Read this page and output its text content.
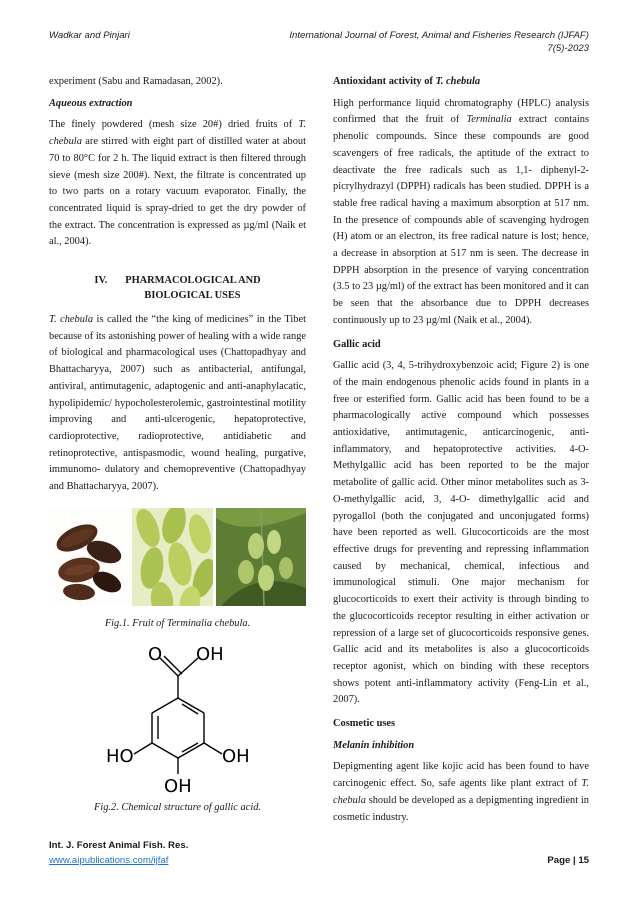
Wadkar and Pinjari	International Journal of Forest, Animal and Fisheries Research (IJFAF)
7(5)-2023

experiment (Sabu and Ramadasan, 2002).

Aqueous extraction

The finely powdered (mesh size 20#) dried fruits of T. chebula are stirred with eight part of distilled water at about 70 to 80°C for 2 h. The liquid extract is then filtered through sieve (mesh size 200#). Next, the filtrate is concentrated up to two parts on a rotary vacuum evaporator. Finally, the concentrated liquid is spray-dried to get the dry powder of the extract. The concentration is expressed as µg/ml (Naik et al., 2004).

IV. PHARMACOLOGICAL AND
BIOLOGICAL USES

T. chebula is called the “the king of medicines” in the Tibet because of its astonishing power of healing with a wide range of biological and pharmacological uses (Chattopadhyay and Bhattacharyya, 2007) such as antibacterial, antifungal, antiviral, antimutagenic, adaptogenic and anti-anaphylacatic, hypolipidemic/ hypocholesterolemic, gastrointestinal motility improving and anti-ulcerogenic, hepatoprotective, cardioprotective, radioprotective, antidiabetic and retinoprotective, antispasmodic, wound healing, purgative, immunomo- dulatory and chemopreventive (Chattopadhyay and Bhattacharyya, 2007).

Fig.1. Fruit of Terminalia chebula.
O OH
HO	OH
OH
Fig.2. Chemical structure of gallic acid.
Antioxidant activity of T. chebula

High performance liquid chromatography (HPLC) analysis confirmed that the fruit of Terminalia extract contains phenolic compounds. Since these compounds are good scavengers of free radicals, the aptitude of the extract to deactivate the free radicals such as 1,1- diphenyl-2-picrylhydrazyl (DPPH) radicals has been studied. DPPH is a stable free radical having a maximum absorption at 517 nm. In the presence of compounds able of scavenging hydrogen (H) atom or an electron, its free radical nature is lost; hence, a decrease in absorption at 517 nm is seen. The decrease in DPPH absorption in the presence of varying concentration (3.5 to 23 µg/ml) of the extract has been monitored and it can be seen that the absorbance due to DPPH decreases continuously up to 23 µg/ml (Naik et al., 2004).

Gallic acid

Gallic acid (3, 4, 5-trihydroxybenzoic acid; Figure 2) is one of the main endogenous phenolic acids found in plants in a free or esterified form. Gallic acid has been found to be a pharmacologically active compound which possesses antioxidative, antimutagenic, anticarcinogenic, anti-inflammatory, and hepatoprotective activities. 4-O- Methylgallic acid has been reported to be the major metabolite of gallic acid. Other minor metabolites such as 3-O-methylgallic acid, 3, 4-O- dimethylgallic acid and pyrogallol (both the conjugated and unconjugated forms) have been reported as well. Glucocorticoids are the most effective drugs for preventing and repressing inflammation caused by mechanical, chemical, infectious and immunological stimuli. One major mechanism for glucocorticoids to exert their activity is through binding to the glucocorticoids receptor resulting in either activation or repression of a large set of glucocorticoids responsive genes. Gallic acid and its metabolites is also a glucocorticoids receptor agonist, which on binding with these receptors shows potent anti-inflammatory activity (Feng-Lin et al., 2007).

Cosmetic uses
Melanin inhibition

Depigmenting agent like kojic acid has been found to have carcinogenic effect. So, safe agents like plant extract of T. chebula should be developed as a depigmenting ingredient in cosmetic industry.

Int. J. Forest Animal Fish. Res.
www.aipublications.com/ijfaf	Page | 15
